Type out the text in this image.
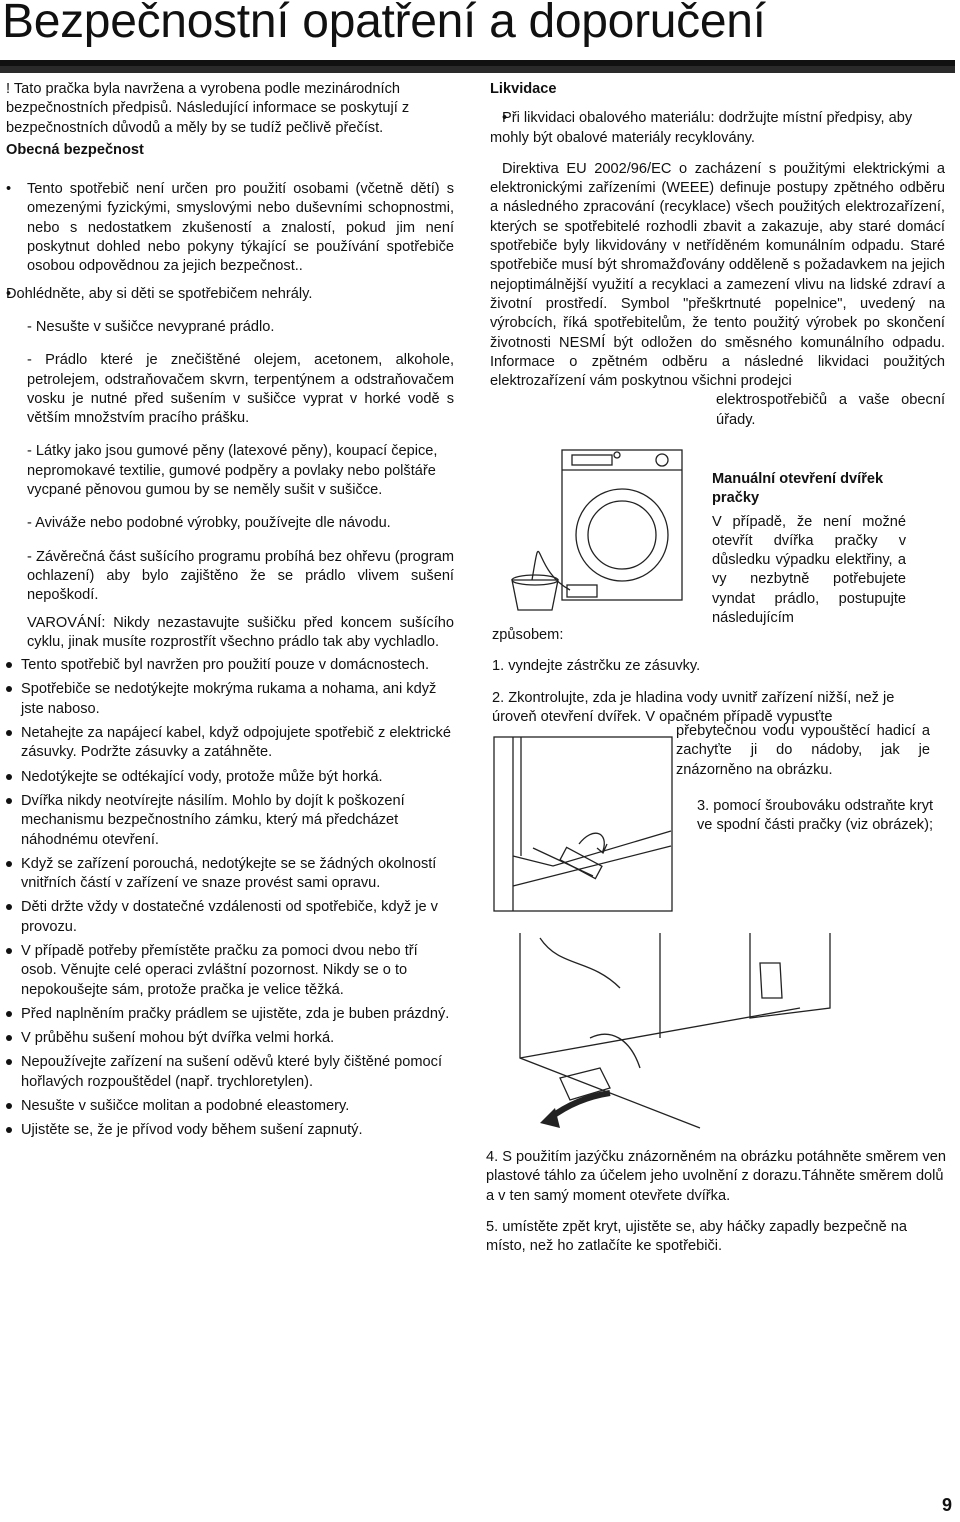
Bezpečnostní opatření a doporučení

! Tato pračka byla navržena a vyrobena podle mezinárodních bezpečnostních předpisů. Následující informace se poskytují z bezpečnostních důvodů a měly by se tudíž pečlivě přečíst.

Obecná bezpečnost

• Tento spotřebič není určen pro použití osobami (včetně dětí) s omezenými fyzickými, smyslovými nebo duševními schopnostmi, nebo s nedostatkem zkušeností a znalostí, pokud jim není poskytnut dohled nebo pokyny týkající se používání spotřebiče osobou odpovědnou za jejich bezpečnost..

• Dohlédněte, aby si děti se spotřebičem nehrály.

- Nesušte v sušičce nevyprané prádlo.

- Prádlo které je znečištěné olejem, acetonem, alkohole, petrolejem, odstraňovačem skvrn, terpentýnem a odstraňovačem vosku je nutné před sušením v sušičce vyprat v horké vodě s větším množstvím pracího prášku.

- Látky jako jsou gumové pěny (latexové pěny), koupací čepice, nepromokavé textilie, gumové podpěry a povlaky nebo polštáře vycpané pěnovou gumou by se neměly sušit v sušičce.

- Aviváže nebo podobné výrobky, používejte dle návodu.

- Závěrečná část sušícího programu probíhá bez ohřevu (program ochlazení) aby bylo zajištěno že se prádlo vlivem sušení nepoškodí.

VAROVÁNÍ: Nikdy nezastavujte sušičku před koncem sušícího cyklu, jinak musíte rozprostřít všechno prádlo tak aby vychladlo.

Tento spotřebič byl navržen pro použití pouze v domácnostech.
Spotřebiče se nedotýkejte mokrýma rukama a nohama, ani když jste naboso.
Netahejte za napájecí kabel, když odpojujete spotřebič z elektrické zásuvky. Podržte zásuvky a zatáhněte.
Nedotýkejte se odtékající vody, protože může být horká.
Dvířka nikdy neotvírejte násilím. Mohlo by dojít k poškození mechanismu bezpečnostního zámku, který má předcházet náhodnému otevření.
Když se zařízení porouchá, nedotýkejte se se žádných okolností vnitřních částí v zařízení ve snaze provést sami opravu.
Děti držte vždy v dostatečné vzdálenosti od spotřebiče, když je v provozu.
V případě potřeby přemístěte pračku za pomoci dvou nebo tří osob. Věnujte celé operaci zvláštní pozornost. Nikdy se o to nepokoušejte sám, protože pračka je velice těžká.
Před naplněním pračky prádlem se ujistěte, zda je buben prázdný.
V průběhu sušení mohou být dvířka velmi horká.
Nepoužívejte zařízení na sušení oděvů které byly čištěné pomocí hořlavých rozpouštědel (např. trychloretylen).
Nesušte v sušičce molitan a podobné eleastomery.
Ujistěte se, že je přívod vody během sušení zapnutý.

Likvidace

• Při likvidaci obalového materiálu: dodržujte místní předpisy, aby mohly být obalové materiály recyklovány.

Direktiva EU 2002/96/EC o zacházení s použitými elektrickými a elektronickými zařízeními (WEEE) definuje postupy zpětného odběru a následného zpracování (recyklace) všech použitých elektrozařízení, kterých se spotřebitelé rozhodli zbavit a zakazuje, aby staré domácí spotřebiče byly likvidovány v netříděném komunálním odpadu. Staré spotřebiče musí být shromažďovány odděleně s požadavkem na jejich nejoptimálnější využití a recyklaci a zamezení vlivu na lidské zdraví a životní prostředí. Symbol "přeškrtnuté popelnice", uvedený na výrobcích, říká spotřebitelům, že tento použitý výrobek po skončení životnosti NESMÍ být odložen do směsného komunálního odpadu. Informace o zpětném odběru a následné likvidaci použitých elektrozařízení vám poskytnou všichni prodejci

elektrospotřebičů a vaše obecní úřady.

Manuální otevření dvířek pračky

V případě, že není možné otevřít dvířka pračky v důsledku výpadku elektřiny, a vy nezbytně potřebujete vyndat prádlo, postupujte následujícím

způsobem:

1. vyndejte zástrčku ze zásuvky.

2. Zkontrolujte, zda je hladina vody uvnitř zařízení nižší, než je úroveň otevření dvířek. V opačném případě vypusťte

přebytečnou vodu vypouštěcí hadicí a zachyťte ji do nádoby, jak je znázorněno na obrázku.

3. pomocí šroubováku odstraňte kryt ve spodní části pračky (viz obrázek);

4. S použitím jazýčku znázorněném na obrázku potáhněte směrem ven plastové táhlo za účelem jeho uvolnění z dorazu.Táhněte směrem dolů a v ten samý moment otevřete dvířka.

5. umístěte zpět kryt, ujistěte se, aby háčky zapadly bezpečně na místo, než ho zatlačíte ke spotřebiči.

9
